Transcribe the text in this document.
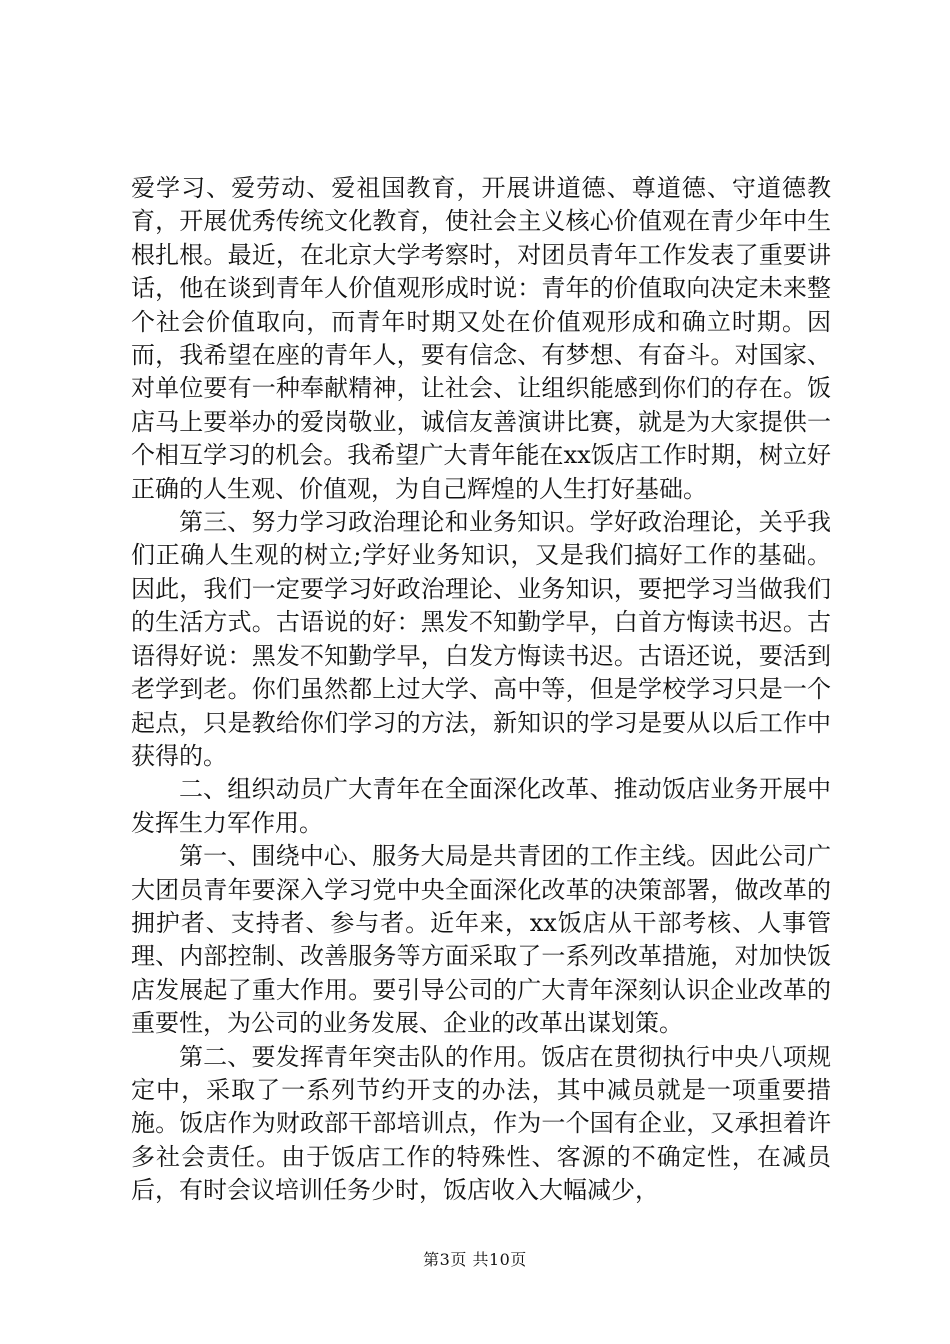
爱学习、爱劳动、爱祖国教育，开展讲道德、尊道德、守道德教育，开展优秀传统文化教育，使社会主义核心价值观在青少年中生根扎根。最近，在北京大学考察时，对团员青年工作发表了重要讲话，他在谈到青年人价值观形成时说：青年的价值取向决定未来整个社会价值取向，而青年时期又处在价值观形成和确立时期。因而，我希望在座的青年人，要有信念、有梦想、有奋斗。对国家、对单位要有一种奉献精神，让社会、让组织能感到你们的存在。饭店马上要举办的爱岗敬业，诚信友善演讲比赛，就是为大家提供一个相互学习的机会。我希望广大青年能在xx饭店工作时期，树立好正确的人生观、价值观，为自己辉煌的人生打好基础。

第三、努力学习政治理论和业务知识。学好政治理论，关乎我们正确人生观的树立;学好业务知识，又是我们搞好工作的基础。因此，我们一定要学习好政治理论、业务知识，要把学习当做我们的生活方式。古语说的好：黑发不知勤学早，白首方悔读书迟。古语得好说：黑发不知勤学早，白发方悔读书迟。古语还说，要活到老学到老。你们虽然都上过大学、高中等，但是学校学习只是一个起点，只是教给你们学习的方法，新知识的学习是要从以后工作中获得的。

二、组织动员广大青年在全面深化改革、推动饭店业务开展中发挥生力军作用。

第一、围绕中心、服务大局是共青团的工作主线。因此公司广大团员青年要深入学习党中央全面深化改革的决策部署，做改革的拥护者、支持者、参与者。近年来，xx饭店从干部考核、人事管理、内部控制、改善服务等方面采取了一系列改革措施，对加快饭店发展起了重大作用。要引导公司的广大青年深刻认识企业改革的重要性，为公司的业务发展、企业的改革出谋划策。

第二、要发挥青年突击队的作用。饭店在贯彻执行中央八项规定中，采取了一系列节约开支的办法，其中减员就是一项重要措施。饭店作为财政部干部培训点，作为一个国有企业，又承担着许多社会责任。由于饭店工作的特殊性、客源的不确定性，在减员后，有时会议培训任务少时，饭店收入大幅减少，

第3页 共10页
